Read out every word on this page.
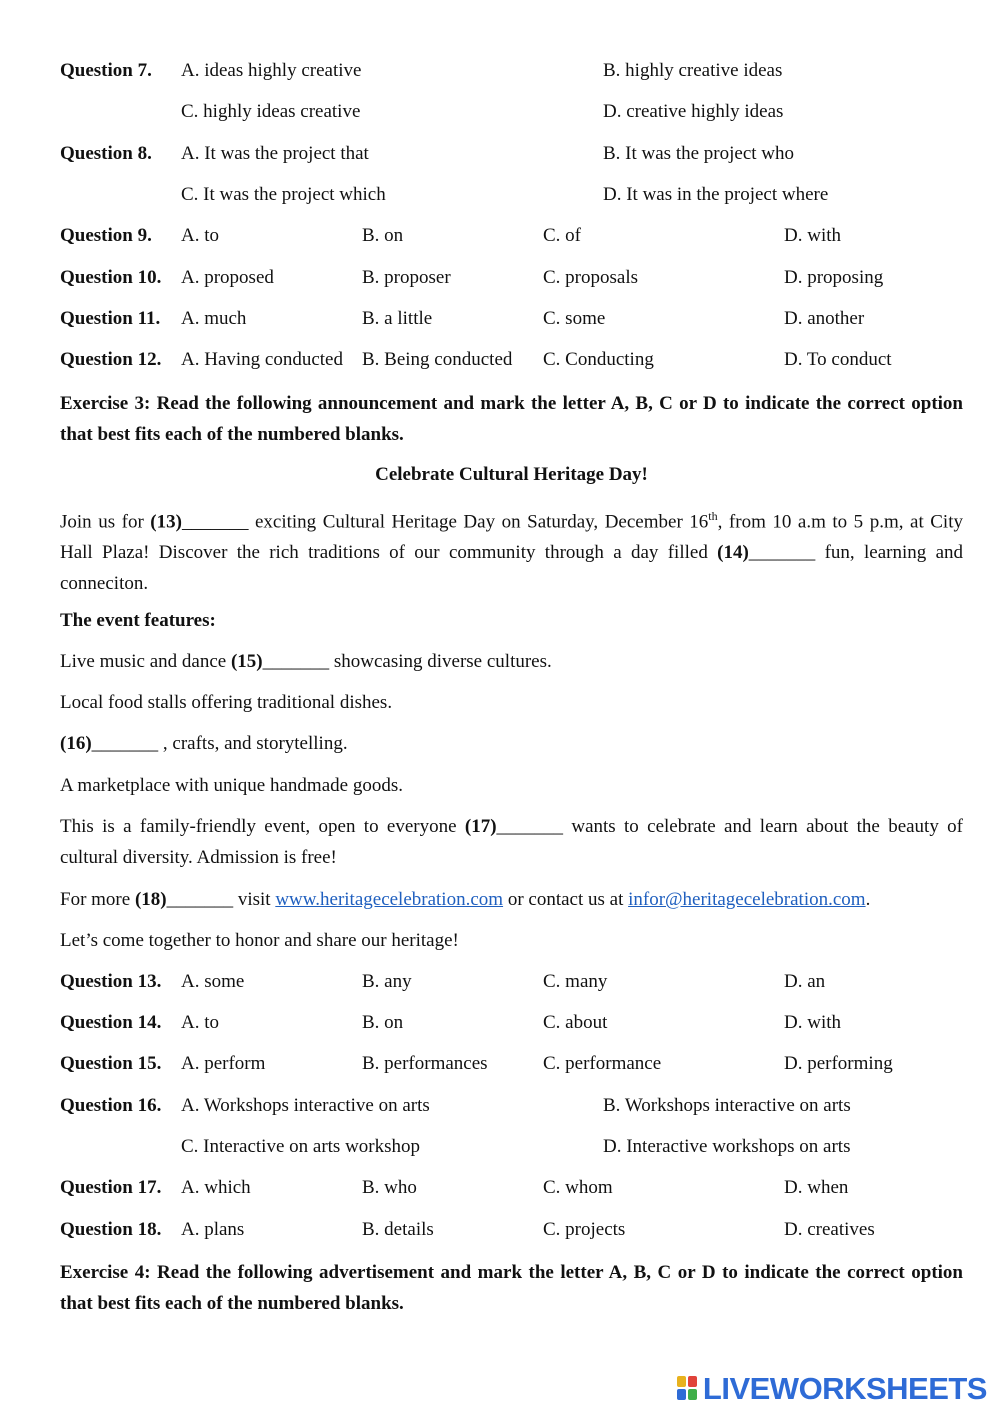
Question 7. A. ideas highly creative	B. highly creative ideas
C. highly ideas creative	D. creative highly ideas
Question 8. A. It was the project that	B. It was the project who
C. It was the project which	D. It was in the project where
Question 9. A. to	B. on	C. of	D. with
Question 10. A. proposed	B. proposer	C. proposals	D. proposing
Question 11. A. much	B. a little	C. some	D. another
Question 12. A. Having conducted B. Being conducted C. Conducting	D. To conduct
Exercise 3: Read the following announcement and mark the letter A, B, C or D to indicate the correct option that best fits each of the numbered blanks.
Celebrate Cultural Heritage Day!
Join us for (13)_______ exciting Cultural Heritage Day on Saturday, December 16th, from 10 a.m to 5 p.m, at City Hall Plaza! Discover the rich traditions of our community through a day filled (14)_______ fun, learning and conneciton.
The event features:
Live music and dance (15)_______ showcasing diverse cultures.
Local food stalls offering traditional dishes.
(16)_______ , crafts, and storytelling.
A marketplace with unique handmade goods.
This is a family-friendly event, open to everyone (17)_______ wants to celebrate and learn about the beauty of cultural diversity. Admission is free!
For more (18)_______ visit www.heritagecelebration.com or contact us at infor@heritagecelebration.com.
Let’s come together to honor and share our heritage!
Question 13. A. some	B. any	C. many	D. an
Question 14. A. to	B. on	C. about	D. with
Question 15. A. perform	B. performances	C. performance	D. performing
Question 16. A. Workshops interactive on arts	B. Workshops interactive on arts
C. Interactive on arts workshop	D. Interactive workshops on arts
Question 17. A. which	B. who	C. whom	D. when
Question 18. A. plans	B. details	C. projects	D. creatives
Exercise 4: Read the following advertisement and mark the letter A, B, C or D to indicate the correct option that best fits each of the numbered blanks.
LIVEWORKSHEETS
